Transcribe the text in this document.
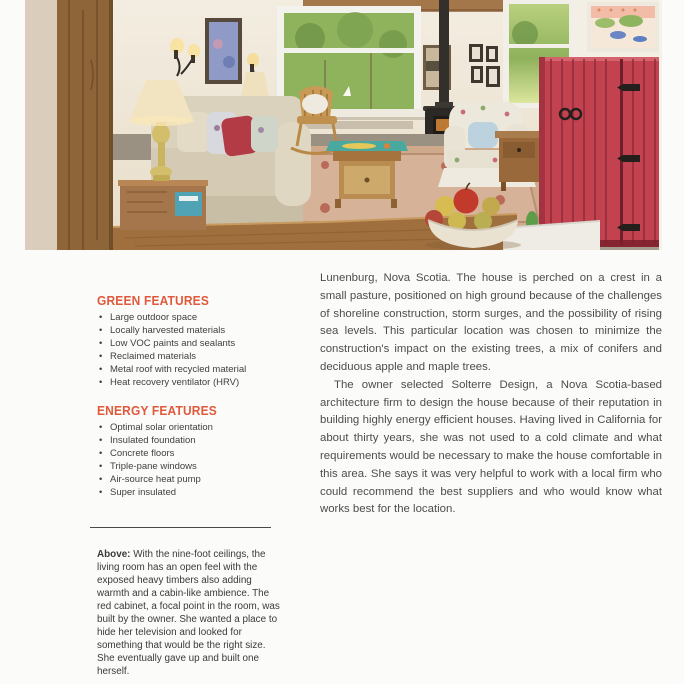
GREEN FEATURES
• Large outdoor space
• Locally harvested materials
• Low VOC paints and sealants
• Reclaimed materials
• Metal roof with recycled material
• Heat recovery ventilator (HRV)
ENERGY FEATURES
• Optimal solar orientation
• Insulated foundation
• Concrete floors
• Triple-pane windows
• Air-source heat pump
• Super insulated

Above: With the nine-foot ceilings, the living room has an open feel with the exposed heavy timbers also adding warmth and a cabin-like ambience. The red cabinet, a focal point in the room, was built by the owner. She wanted a place to hide her television and looked for something that would be the right size. She eventually gave up and built one herself.

Lunenburg, Nova Scotia. The house is perched on a crest in a small pasture, positioned on high ground because of the challenges of shoreline construction, storm surges, and the possibility of rising sea levels. This particular location was chosen to minimize the construction's impact on the existing trees, a mix of conifers and deciduous apple and maple trees.

The owner selected Solterre Design, a Nova Scotia-based architecture firm to design the house because of their reputation in building highly energy efficient houses. Having lived in California for about thirty years, she was not used to a cold climate and what requirements would be necessary to make the house comfortable in this area. She says it was very helpful to work with a local firm who could recommend the best suppliers and who would know what works best for the location.
